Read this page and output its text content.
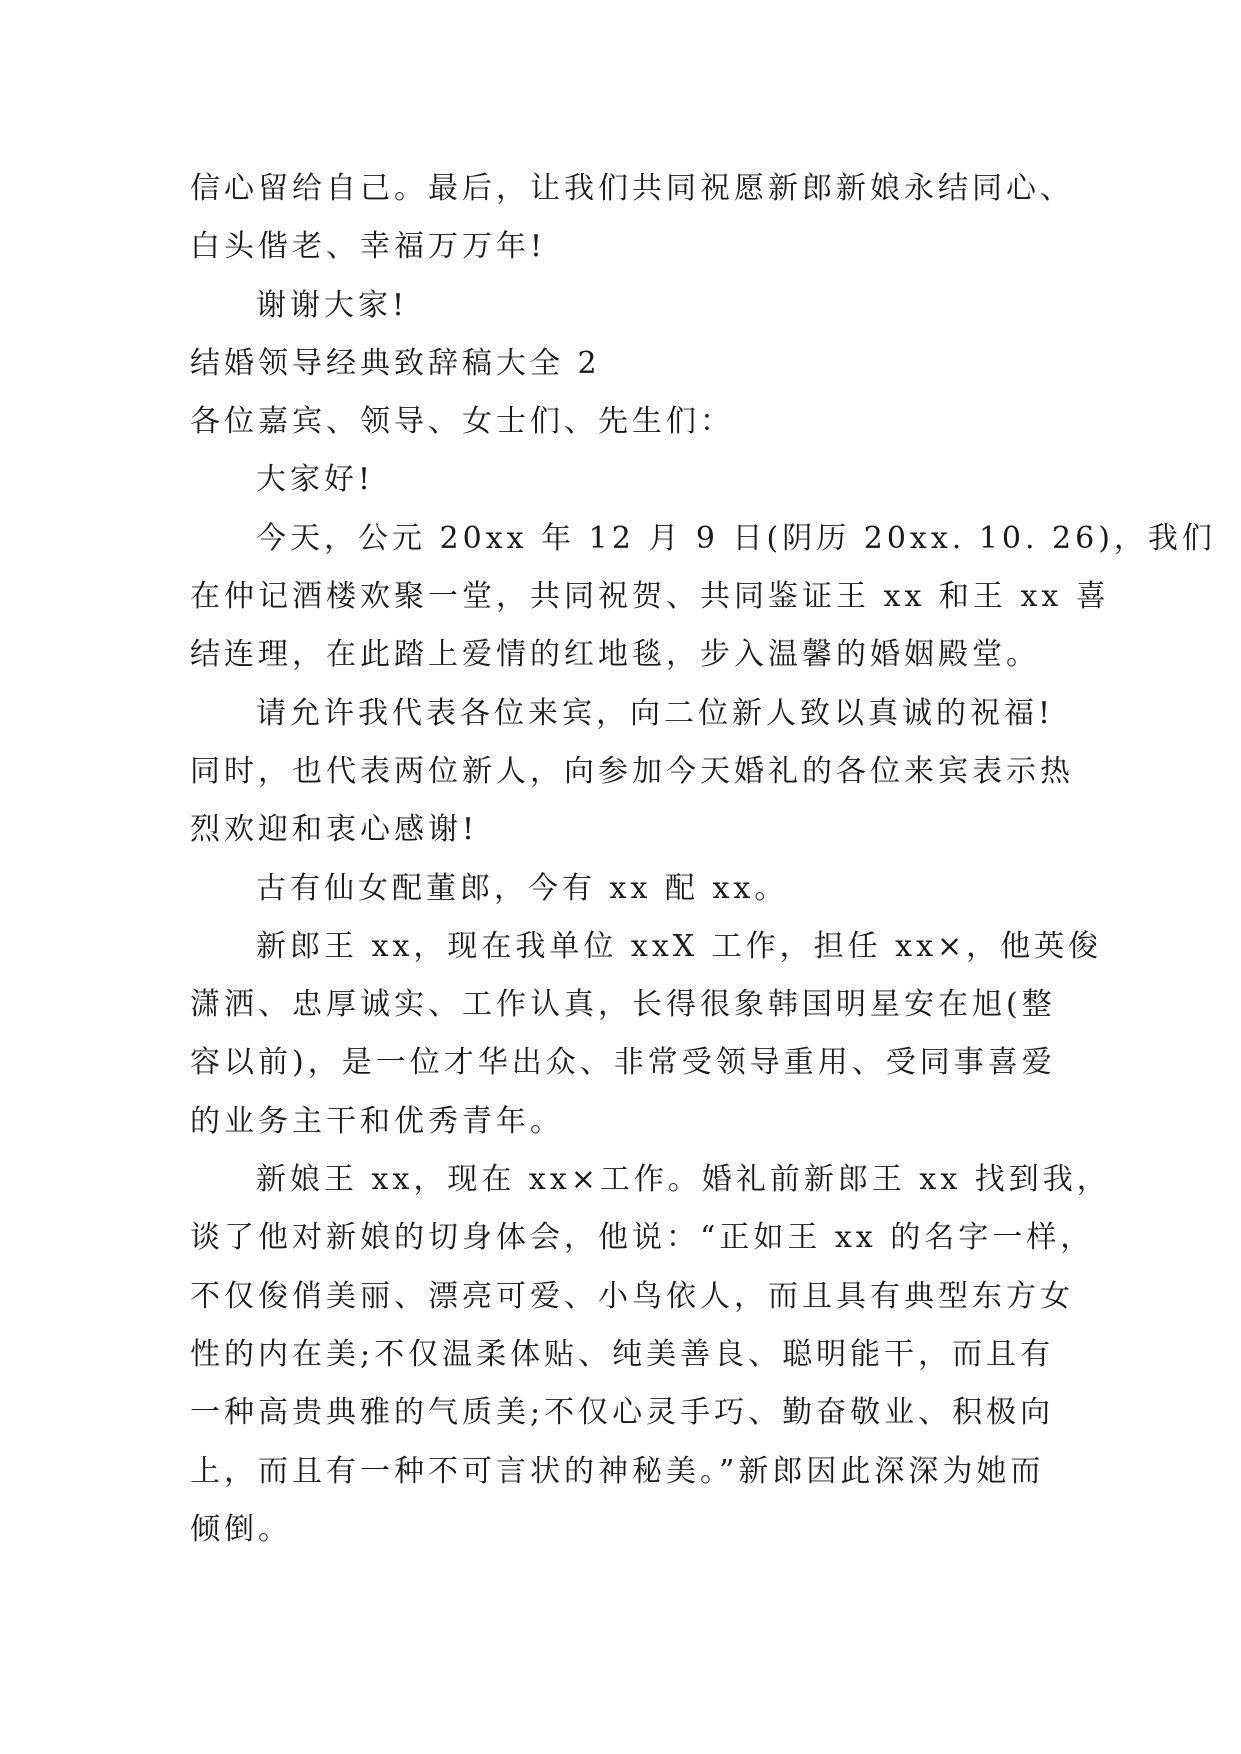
信心留给自己。最后，让我们共同祝愿新郎新娘永结同心、
白头偕老、幸福万万年!
谢谢大家!
结婚领导经典致辞稿大全 2
各位嘉宾、领导、女士们、先生们：
大家好!
今天，公元 20xx 年 12 月 9 日(阴历 20xx. 10. 26)，我们
在仲记酒楼欢聚一堂，共同祝贺、共同鉴证王 xx 和王 xx 喜
结连理，在此踏上爱情的红地毯，步入温馨的婚姻殿堂。
请允许我代表各位来宾，向二位新人致以真诚的祝福!
同时，也代表两位新人，向参加今天婚礼的各位来宾表示热
烈欢迎和衷心感谢!
古有仙女配董郎，今有 xx 配 xx。
新郎王 xx，现在我单位 xxX 工作，担任 xx×，他英俊
潇洒、忠厚诚实、工作认真，长得很象韩国明星安在旭(整
容以前)，是一位才华出众、非常受领导重用、受同事喜爱
的业务主干和优秀青年。
新娘王 xx，现在 xx×工作。婚礼前新郎王 xx 找到我，
谈了他对新娘的切身体会，他说：“正如王 xx 的名字一样，
不仅俊俏美丽、漂亮可爱、小鸟依人，而且具有典型东方女
性的内在美;不仅温柔体贴、纯美善良、聪明能干，而且有
一种高贵典雅的气质美;不仅心灵手巧、勤奋敬业、积极向
上，而且有一种不可言状的神秘美。”新郎因此深深为她而
倾倒。
